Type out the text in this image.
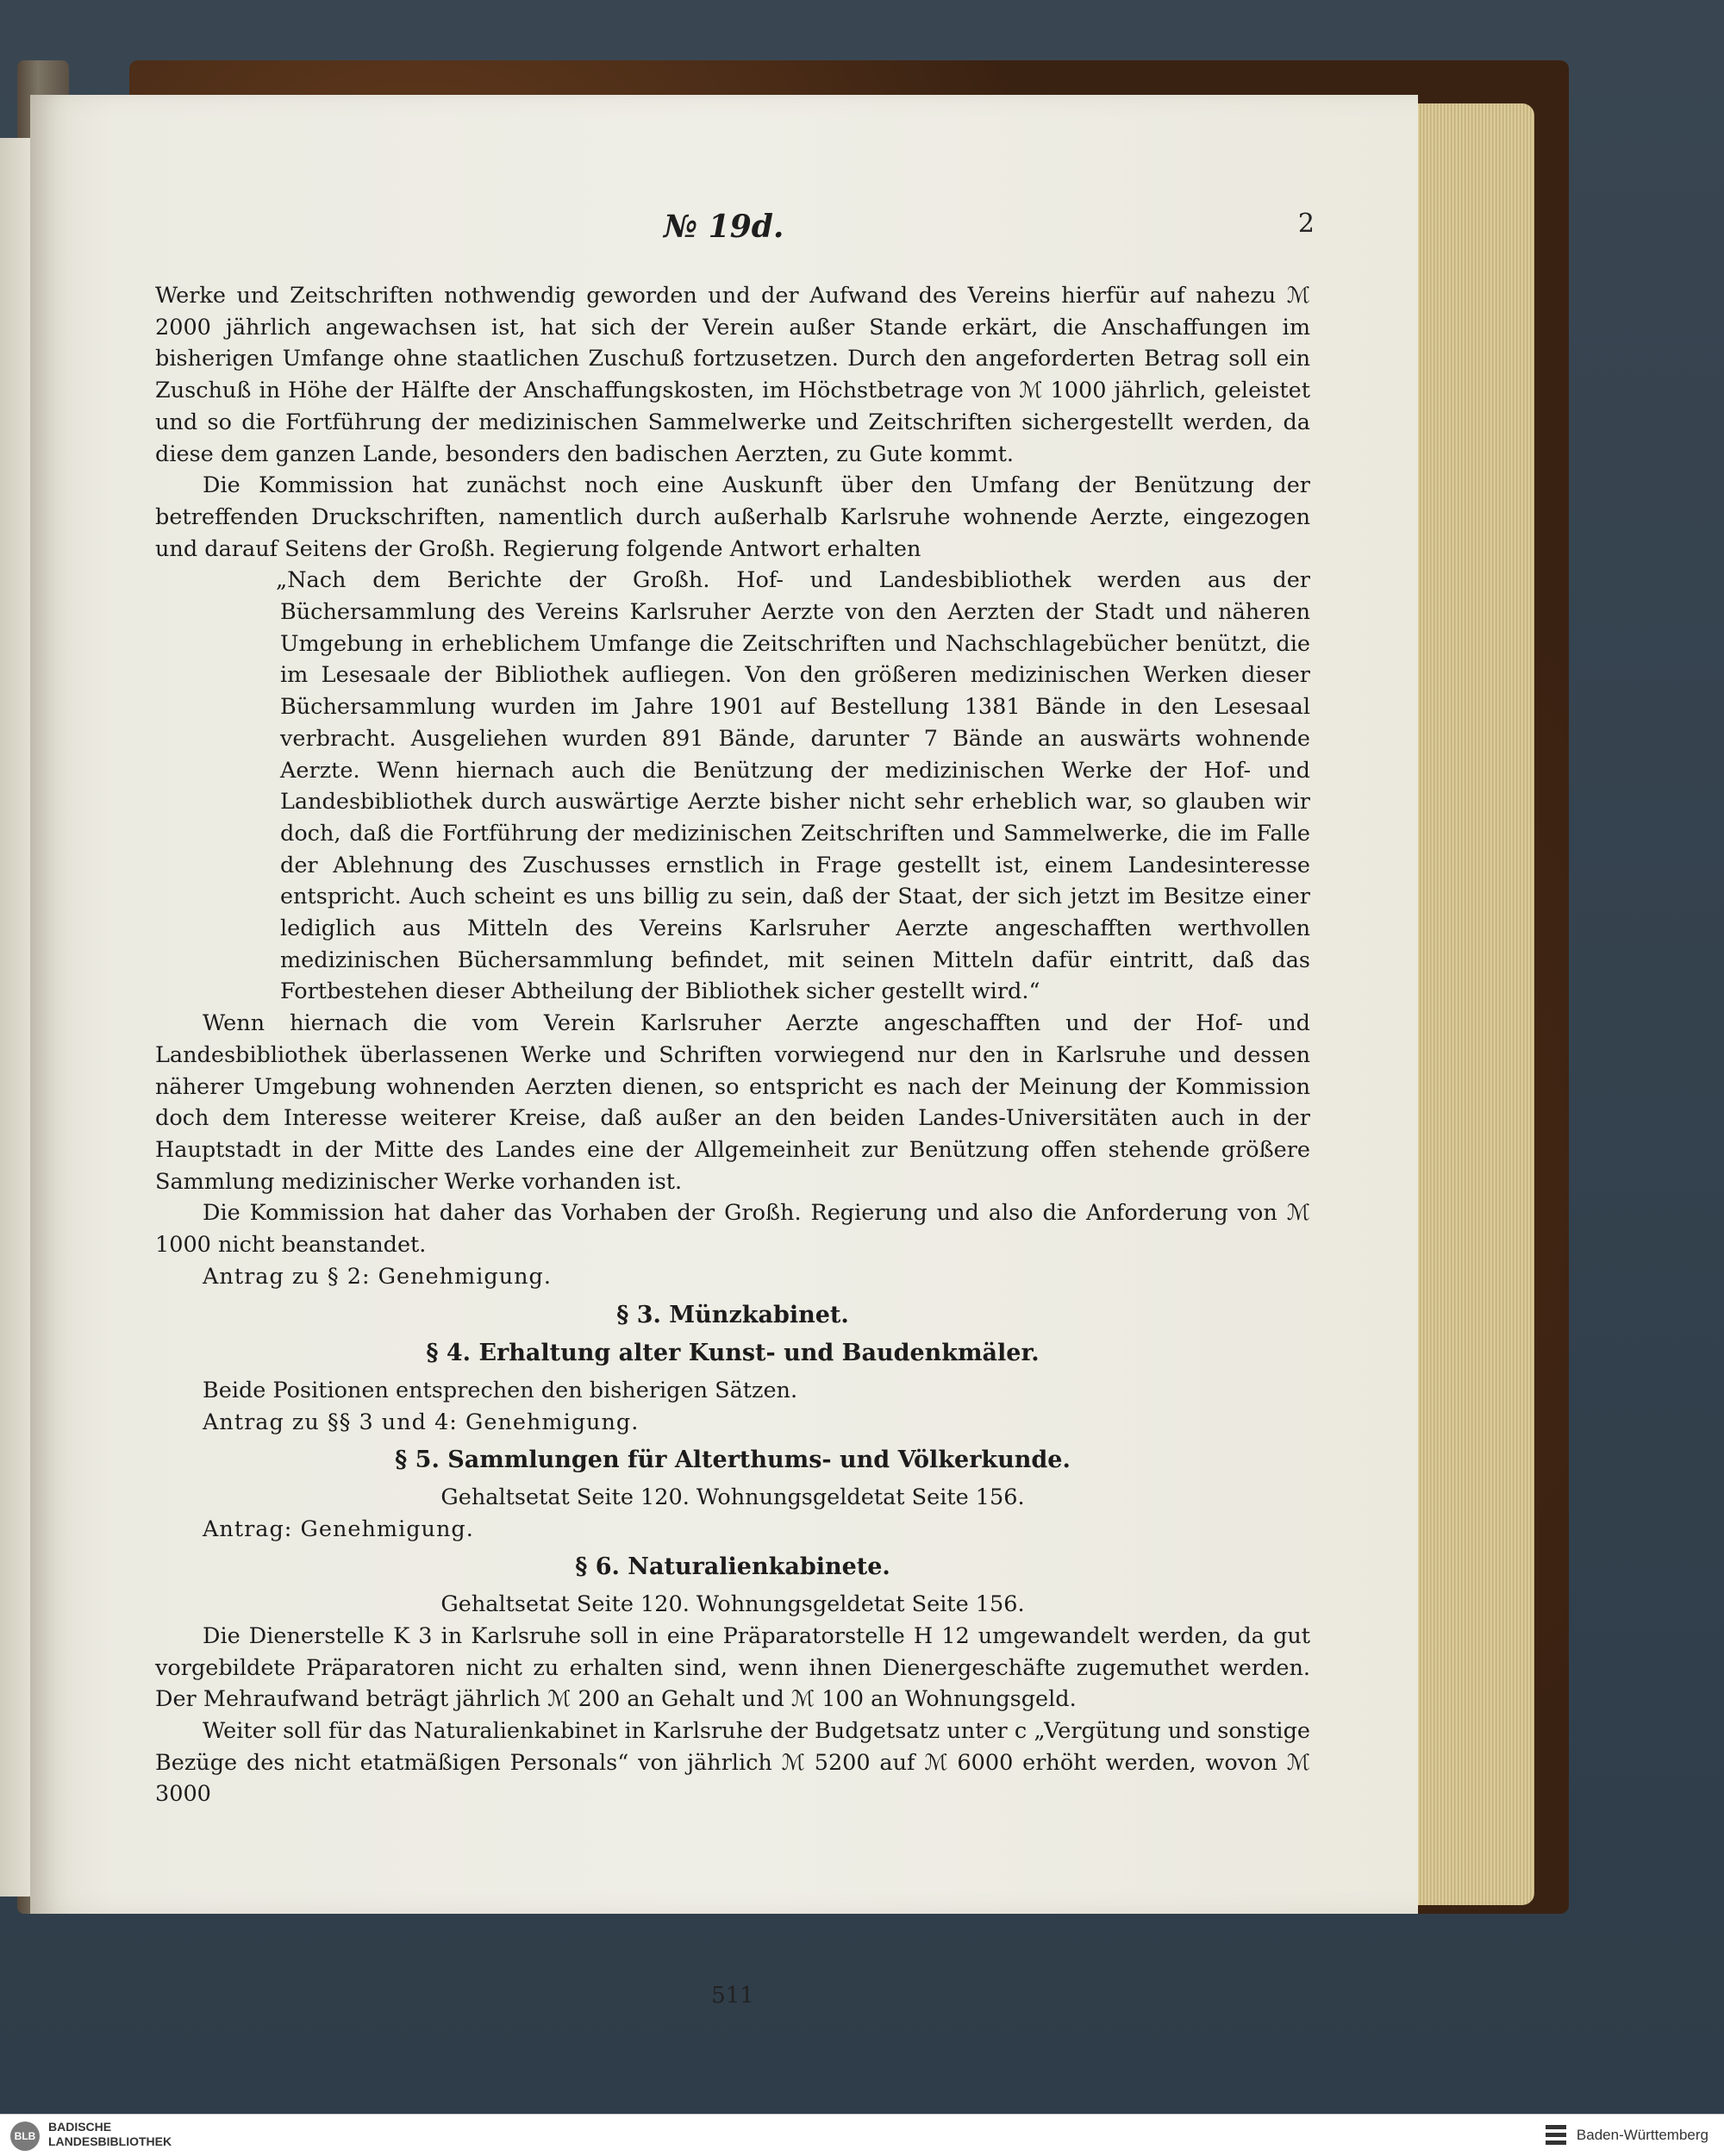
№ 19d.	2

Werke und Zeitschriften nothwendig geworden und der Aufwand des Vereins hierfür auf nahezu ℳ 2000 jährlich angewachsen ist, hat sich der Verein außer Stande erkärt, die Anschaffungen im bisherigen Umfange ohne staatlichen Zuschuß fortzusetzen. Durch den angeforderten Betrag soll ein Zuschuß in Höhe der Hälfte der Anschaffungskosten, im Höchstbetrage von ℳ 1000 jährlich, geleistet und so die Fortführung der medizinischen Sammelwerke und Zeitschriften sichergestellt werden, da diese dem ganzen Lande, besonders den badischen Aerzten, zu Gute kommt.

Die Kommission hat zunächst noch eine Auskunft über den Umfang der Benützung der betreffenden Druckschriften, namentlich durch außerhalb Karlsruhe wohnende Aerzte, eingezogen und darauf Seitens der Großh. Regierung folgende Antwort erhalten

„Nach dem Berichte der Großh. Hof- und Landesbibliothek werden aus der Büchersammlung des Vereins Karlsruher Aerzte von den Aerzten der Stadt und näheren Umgebung in erheblichem Umfange die Zeitschriften und Nachschlagebücher benützt, die im Lesesaale der Bibliothek aufliegen. Von den größeren medizinischen Werken dieser Büchersammlung wurden im Jahre 1901 auf Bestellung 1381 Bände in den Lesesaal verbracht. Ausgeliehen wurden 891 Bände, darunter 7 Bände an auswärts wohnende Aerzte. Wenn hiernach auch die Benützung der medizinischen Werke der Hof- und Landesbibliothek durch auswärtige Aerzte bisher nicht sehr erheblich war, so glauben wir doch, daß die Fortführung der medizinischen Zeitschriften und Sammelwerke, die im Falle der Ablehnung des Zuschusses ernstlich in Frage gestellt ist, einem Landesinteresse entspricht. Auch scheint es uns billig zu sein, daß der Staat, der sich jetzt im Besitze einer lediglich aus Mitteln des Vereins Karlsruher Aerzte angeschafften werthvollen medizinischen Büchersammlung befindet, mit seinen Mitteln dafür eintritt, daß das Fortbestehen dieser Abtheilung der Bibliothek sicher gestellt wird.“

Wenn hiernach die vom Verein Karlsruher Aerzte angeschafften und der Hof- und Landesbibliothek überlassenen Werke und Schriften vorwiegend nur den in Karlsruhe und dessen näherer Umgebung wohnenden Aerzten dienen, so entspricht es nach der Meinung der Kommission doch dem Interesse weiterer Kreise, daß außer an den beiden Landes-Universitäten auch in der Hauptstadt in der Mitte des Landes eine der Allgemeinheit zur Benützung offen stehende größere Sammlung medizinischer Werke vorhanden ist.

Die Kommission hat daher das Vorhaben der Großh. Regierung und also die Anforderung von ℳ 1000 nicht beanstandet.

Antrag zu § 2: Genehmigung.

§ 3. Münzkabinet.

§ 4. Erhaltung alter Kunst- und Baudenkmäler.

Beide Positionen entsprechen den bisherigen Sätzen.

Antrag zu §§ 3 und 4: Genehmigung.

§ 5. Sammlungen für Alterthums- und Völkerkunde.

Gehaltsetat Seite 120. Wohnungsgeldetat Seite 156.

Antrag: Genehmigung.

§ 6. Naturalienkabinete.

Gehaltsetat Seite 120. Wohnungsgeldetat Seite 156.

Die Dienerstelle K 3 in Karlsruhe soll in eine Präparatorstelle H 12 umgewandelt werden, da gut vorgebildete Präparatoren nicht zu erhalten sind, wenn ihnen Dienergeschäfte zugemuthet werden. Der Mehraufwand beträgt jährlich ℳ 200 an Gehalt und ℳ 100 an Wohnungsgeld.

Weiter soll für das Naturalienkabinet in Karlsruhe der Budgetsatz unter c „Vergütung und sonstige Bezüge des nicht etatmäßigen Personals“ von jährlich ℳ 5200 auf ℳ 6000 erhöht werden, wovon ℳ 3000

511
BLB
BADISCHE
LANDESBIBLIOTHEK	Baden-Württemberg
